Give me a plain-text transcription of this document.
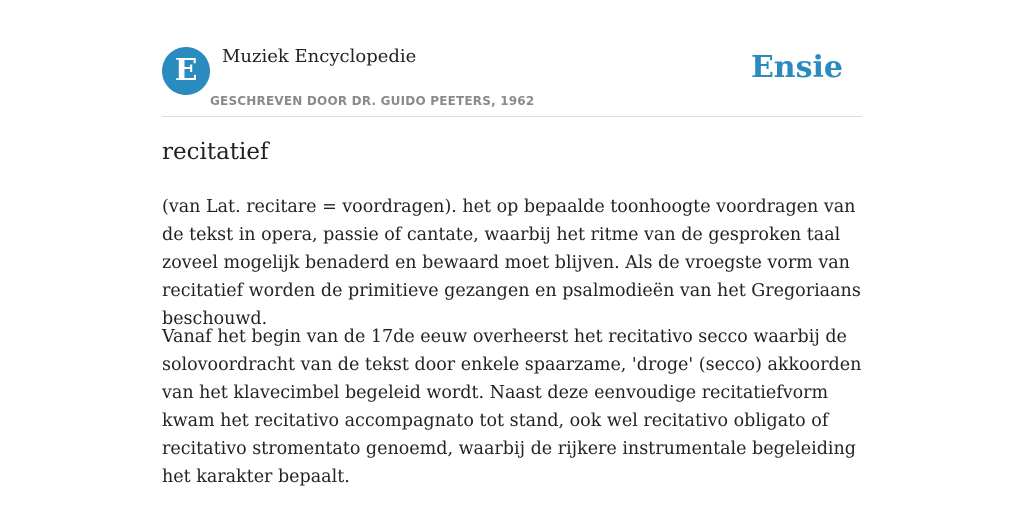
E	Muziek Encyclopedie
GESCHREVEN DOOR DR. GUIDO PEETERS, 1962
Ensie
recitatief

(van Lat. recitare = voordragen). het op bepaalde toonhoogte voordragen van de tekst in opera, passie of cantate, waarbij het ritme van de gesproken taal zoveel mogelijk benaderd en bewaard moet blijven. Als de vroegste vorm van recitatief worden de primitieve gezangen en psalmodieën van het Gregoriaans beschouwd.

Vanaf het begin van de 17de eeuw overheerst het recitativo secco waarbij de solovoordracht van de tekst door enkele spaarzame, 'droge' (secco) akkoorden van het klavecimbel begeleid wordt. Naast deze eenvoudige recitatiefvorm kwam het recitativo accompagnato tot stand, ook wel recitativo obligato of recitativo stromentato genoemd, waarbij de rijkere instrumentale begeleiding het karakter bepaalt.
